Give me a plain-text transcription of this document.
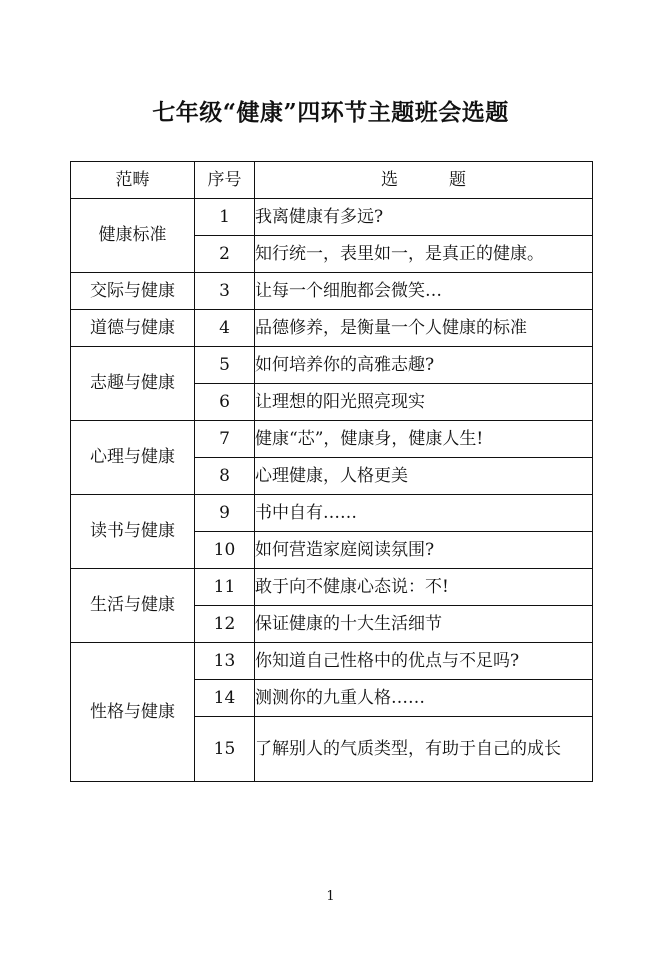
七年级“健康”四环节主题班会选题
范畴	序号	选　　　题
健康标准	1	我离健康有多远?
	2	知行统一，表里如一，是真正的健康。
交际与健康	3	让每一个细胞都会微笑…
道德与健康	4	品德修养，是衡量一个人健康的标准
志趣与健康	5	如何培养你的高雅志趣?
	6	让理想的阳光照亮现实
心理与健康	7	健康“芯”，健康身，健康人生!
	8	心理健康，人格更美
读书与健康	9	书中自有……
	10	如何营造家庭阅读氛围?
生活与健康	11	敢于向不健康心态说：不!
	12	保证健康的十大生活细节
性格与健康	13	你知道自己性格中的优点与不足吗?
	14	测测你的九重人格……
	15	了解别人的气质类型，有助于自己的成长
1
